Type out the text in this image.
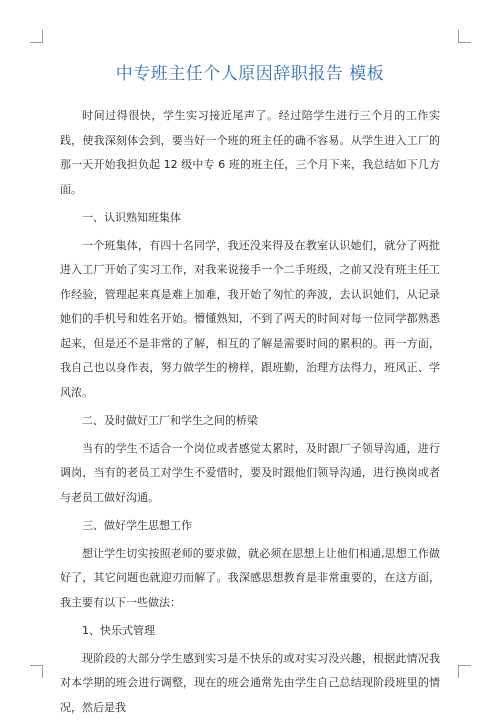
中专班主任个人原因辞职报告 模板

时间过得很快，学生实习接近尾声了。经过陪学生进行三个月的工作实践，使我深刻体会到，要当好一个班的班主任的确不容易。从学生进入工厂的那一天开始我担负起 12 级中专 6 班的班主任，三个月下来，我总结如下几方面。

一、认识熟知班集体

一个班集体，有四十名同学，我还没来得及在教室认识她们，就分了两批进入工厂开始了实习工作，对我来说接手一个二手班级，之前又没有班主任工作经验，管理起来真是难上加难，我开始了匆忙的奔波，去认识她们，从记录她们的手机号和姓名开始。懵懂熟知，不到了两天的时间对每一位同学都熟悉起来，但是还不是非常的了解，相互的了解是需要时间的累积的。再一方面，我自己也以身作表，努力做学生的榜样，跟班勤，治理方法得力，班风正、学风浓。

二、及时做好工厂和学生之间的桥梁

当有的学生不适合一个岗位或者感觉太累时，及时跟厂子领导沟通，进行调岗，当有的老员工对学生不爱惜时，要及时跟他们领导沟通，进行换岗或者与老员工做好沟通。

三、做好学生思想工作

想让学生切实按照老师的要求做，就必须在思想上让他们相通,思想工作做好了，其它问题也就迎刃而解了。我深感思想教育是非常重要的，在这方面，我主要有以下一些做法：

1、快乐式管理

现阶段的大部分学生感到实习是不快乐的或对实习没兴趣，根据此情况我对本学期的班会进行调整，现在的班会通常先由学生自己总结现阶段班里的情况，然后是我
